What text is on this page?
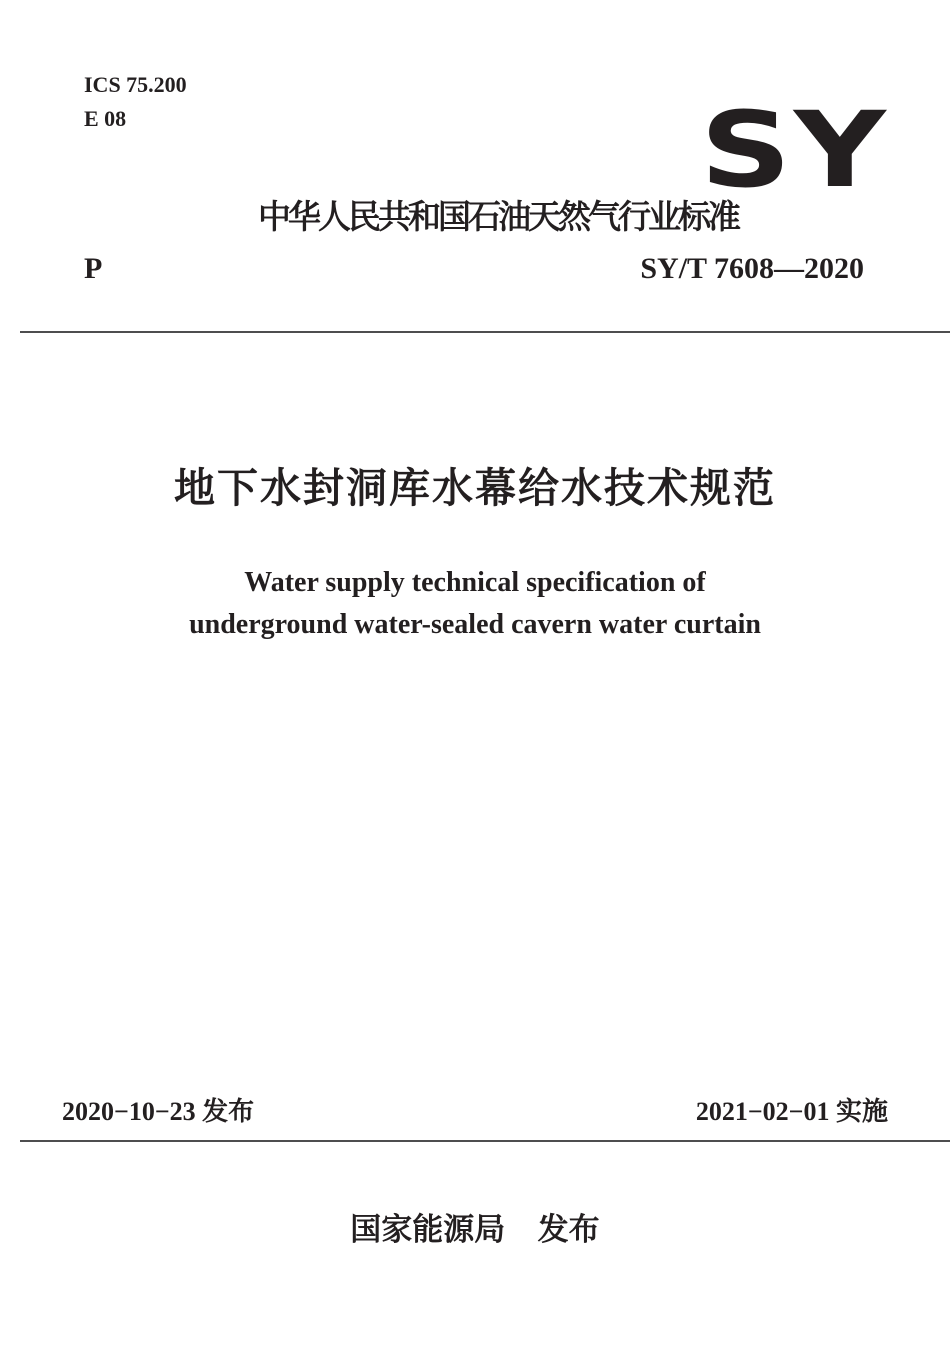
ICS 75.200
E 08	SY
中华人民共和国石油天然气行业标准
P	SY/T 7608—2020
地下水封洞库水幕给水技术规范
Water supply technical specification of
underground water-sealed cavern water curtain
2020−10−23 发布	2021−02−01 实施
国家能源局   发布
